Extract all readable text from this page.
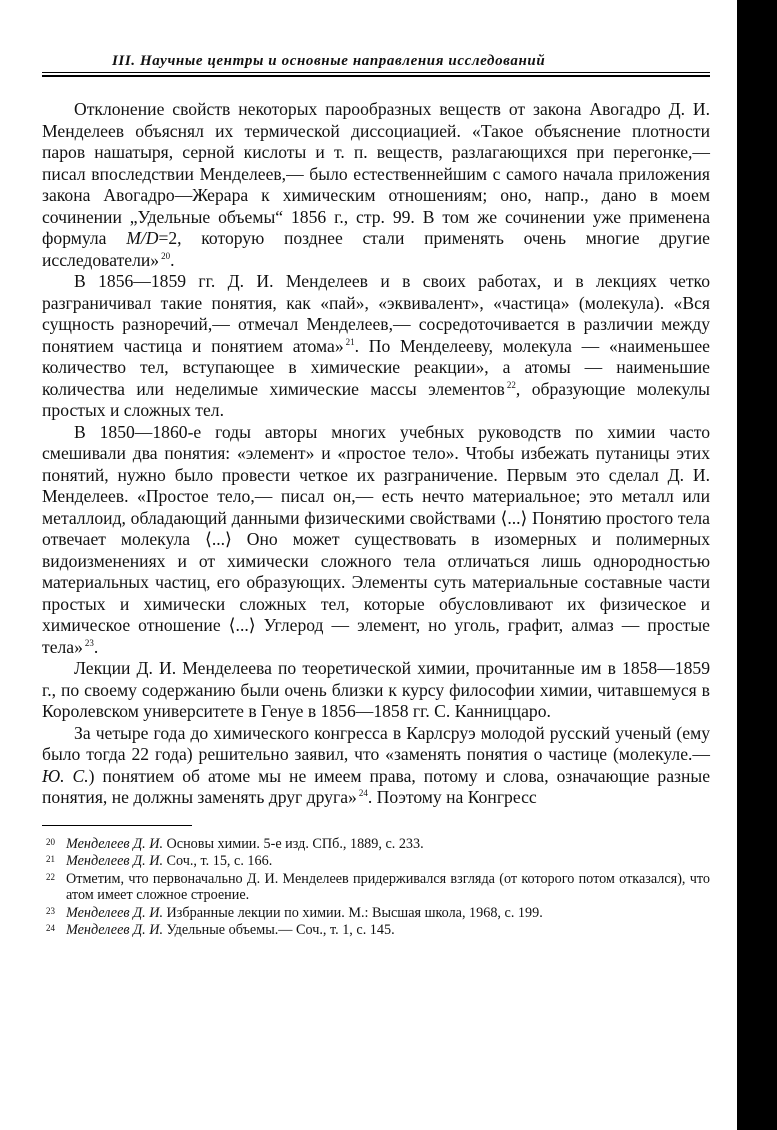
III. Научные центры и основные направления исследований

Отклонение свойств некоторых парообразных веществ от закона Авогадро Д. И. Менделеев объяснял их термической диссоциацией. «Такое объяснение плотности паров нашатыря, серной кислоты и т. п. веществ, разлагающихся при перегонке,— писал впоследствии Менделеев,— было естественнейшим с самого начала приложения закона Авогадро—Жерара к химическим отношениям; оно, напр., дано в моем сочинении „Удельные объемы“ 1856 г., стр. 99. В том же сочинении уже применена формула M/D=2, которую позднее стали применять очень многие другие исследователи» $^{20}$.

В 1856—1859 гг. Д. И. Менделеев и в своих работах, и в лекциях четко разграничивал такие понятия, как «пай», «эквивалент», «частица» (молекула). «Вся сущность разноречий,— отмечал Менделеев,— сосредоточивается в различии между понятием частица и понятием атома» $^{21}$. По Менделееву, молекула — «наименьшее количество тел, вступающее в химические реакции», а атомы — наименьшие количества или неделимые химические массы элементов $^{22}$, образующие молекулы простых и сложных тел.

В 1850—1860-е годы авторы многих учебных руководств по химии часто смешивали два понятия: «элемент» и «простое тело». Чтобы избежать путаницы этих понятий, нужно было провести четкое их разграничение. Первым это сделал Д. И. Менделеев. «Простое тело,— писал он,— есть нечто материальное; это металл или металлоид, обладающий данными физическими свойствами ⟨...⟩ Понятию простого тела отвечает молекула ⟨...⟩ Оно может существовать в изомерных и полимерных видоизменениях и от химически сложного тела отличаться лишь однородностью материальных частиц, его образующих. Элементы суть материальные составные части простых и химически сложных тел, которые обусловливают их физическое и химическое отношение ⟨...⟩ Углерод — элемент, но уголь, графит, алмаз — простые тела» $^{23}$.

Лекции Д. И. Менделеева по теоретической химии, прочитанные им в 1858—1859 г., по своему содержанию были очень близки к курсу философии химии, читавшемуся в Королевском университете в Генуе в 1856—1858 гг. С. Канниццаро.

За четыре года до химического конгресса в Карлсруэ молодой русский ученый (ему было тогда 22 года) решительно заявил, что «заменять понятия о частице (молекуле.— Ю. С.) понятием об атоме мы не имеем права, потому и слова, означающие разные понятия, не должны заменять друг друга» $^{24}$. Поэтому на Конгресс

20 Менделеев Д. И. Основы химии. 5-е изд. СПб., 1889, с. 233.
21 Менделеев Д. И. Соч., т. 15, с. 166.
22 Отметим, что первоначально Д. И. Менделеев придерживался взгляда (от которого потом отказался), что атом имеет сложное строение.
23 Менделеев Д. И. Избранные лекции по химии. М.: Высшая школа, 1968, с. 199.
24 Менделеев Д. И. Удельные объемы.— Соч., т. 1, с. 145.
